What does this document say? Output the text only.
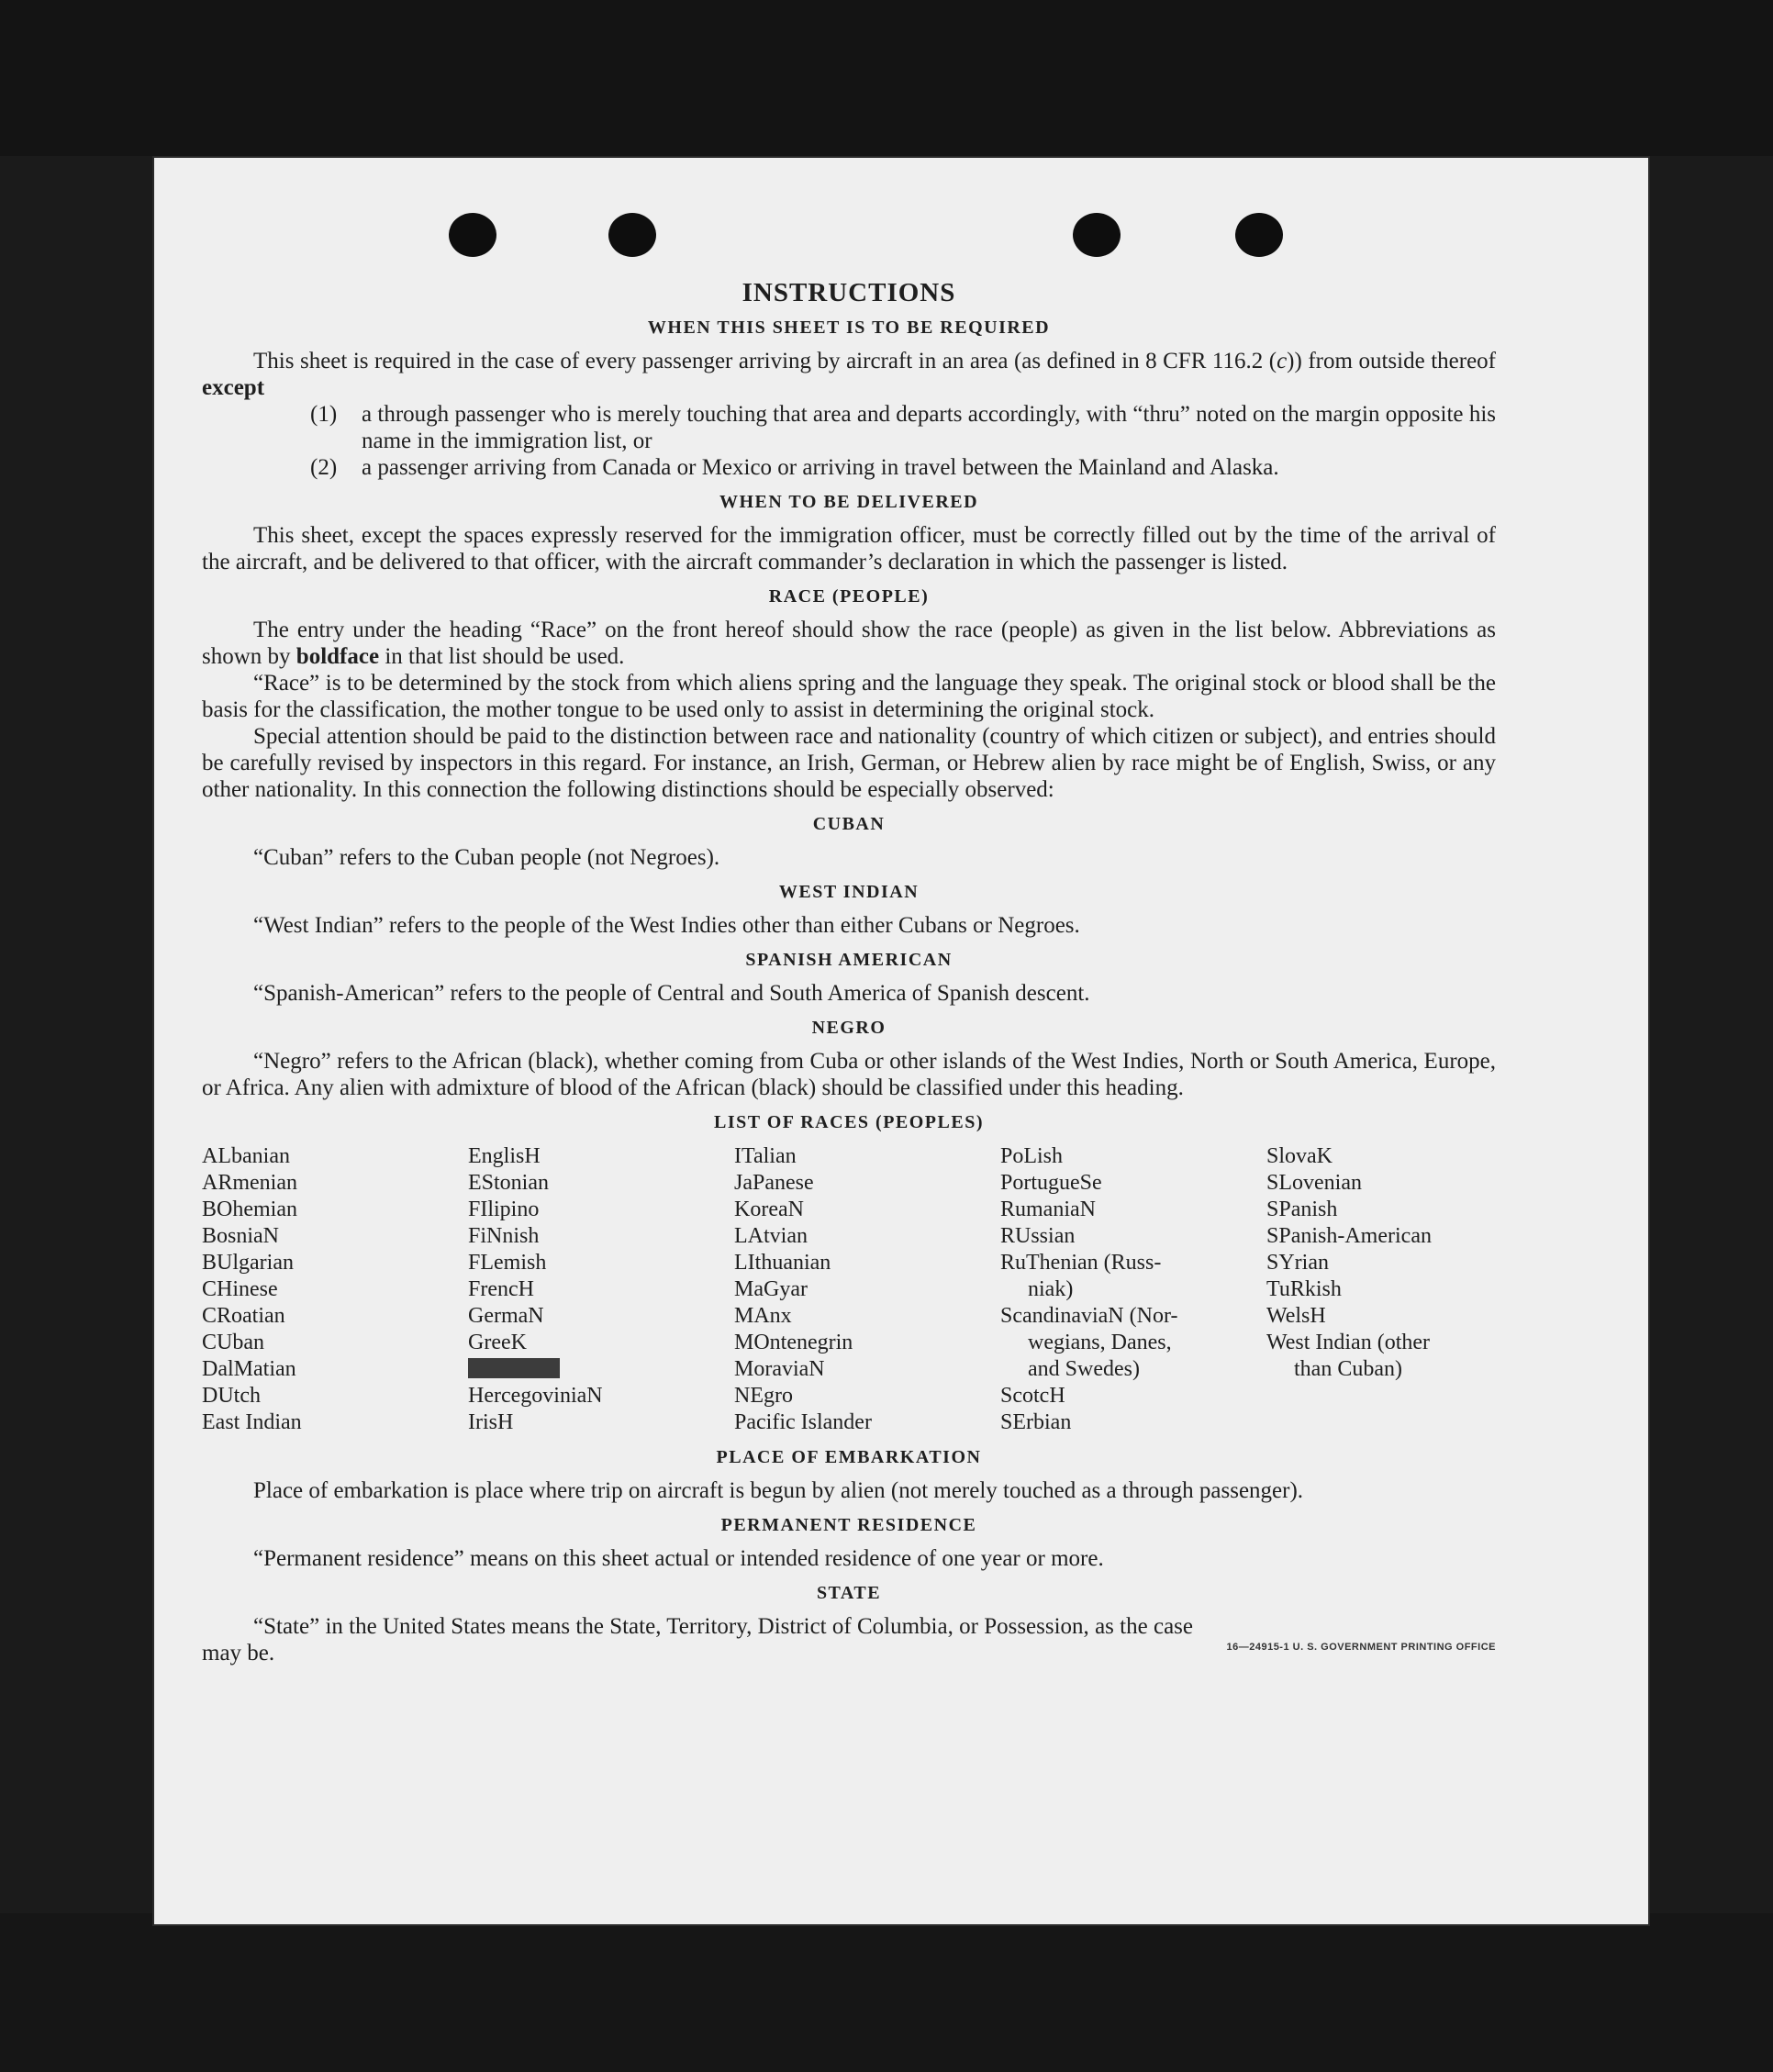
INSTRUCTIONS
WHEN THIS SHEET IS TO BE REQUIRED

This sheet is required in the case of every passenger arriving by aircraft in an area (as defined in 8 CFR 116.2 (c)) from outside thereof except

(1)	a through passenger who is merely touching that area and departs accordingly, with “thru” noted on the margin opposite his name in the immigration list, or
(2)	a passenger arriving from Canada or Mexico or arriving in travel between the Mainland and Alaska.
WHEN TO BE DELIVERED

This sheet, except the spaces expressly reserved for the immigration officer, must be correctly filled out by the time of the arrival of the aircraft, and be delivered to that officer, with the aircraft commander’s declaration in which the passenger is listed.

RACE (PEOPLE)

The entry under the heading “Race” on the front hereof should show the race (people) as given in the list below. Abbreviations as shown by boldface in that list should be used.

“Race” is to be determined by the stock from which aliens spring and the language they speak. The original stock or blood shall be the basis for the classification, the mother tongue to be used only to assist in determining the original stock.

Special attention should be paid to the distinction between race and nationality (country of which citizen or subject), and entries should be carefully revised by inspectors in this regard. For instance, an Irish, German, or Hebrew alien by race might be of English, Swiss, or any other nationality. In this connection the following distinctions should be especially observed:

CUBAN

“Cuban” refers to the Cuban people (not Negroes).

WEST INDIAN

“West Indian” refers to the people of the West Indies other than either Cubans or Negroes.

SPANISH AMERICAN

“Spanish-American” refers to the people of Central and South America of Spanish descent.

NEGRO

“Negro” refers to the African (black), whether coming from Cuba or other islands of the West Indies, North or South America, Europe, or Africa. Any alien with admixture of blood of the African (black) should be classified under this heading.

LIST OF RACES (PEOPLES)
ALbanian
ARmenian
BOhemian
BosniaN
BUlgarian
CHinese
CRoatian
CUban
DalMatian
DUtch
East Indian
EnglisH
EStonian
FIlipino
FiNnish
FLemish
FrencH
GermaN
GreeK
HercegoviniaN
IrisH
ITalian
JaPanese
KoreaN
LAtvian
LIthuanian
MaGyar
MAnx
MOntenegrin
MoraviaN
NEgro
Pacific Islander
PoLish
PortugueSe
RumaniaN
RUssian
RuThenian (Russ-
niak)
ScandinaviaN (Nor-
wegians, Danes,
and Swedes)
ScotcH
SErbian
SlovaK
SLovenian
SPanish
SPanish-American
SYrian
TuRkish
WelsH
West Indian (other
than Cuban)
PLACE OF EMBARKATION

Place of embarkation is place where trip on aircraft is begun by alien (not merely touched as a through passenger).

PERMANENT RESIDENCE

“Permanent residence” means on this sheet actual or intended residence of one year or more.

STATE

“State” in the United States means the State, Territory, District of Columbia, or Possession, as the case may be.	16—24915-1 U. S. GOVERNMENT PRINTING OFFICE
